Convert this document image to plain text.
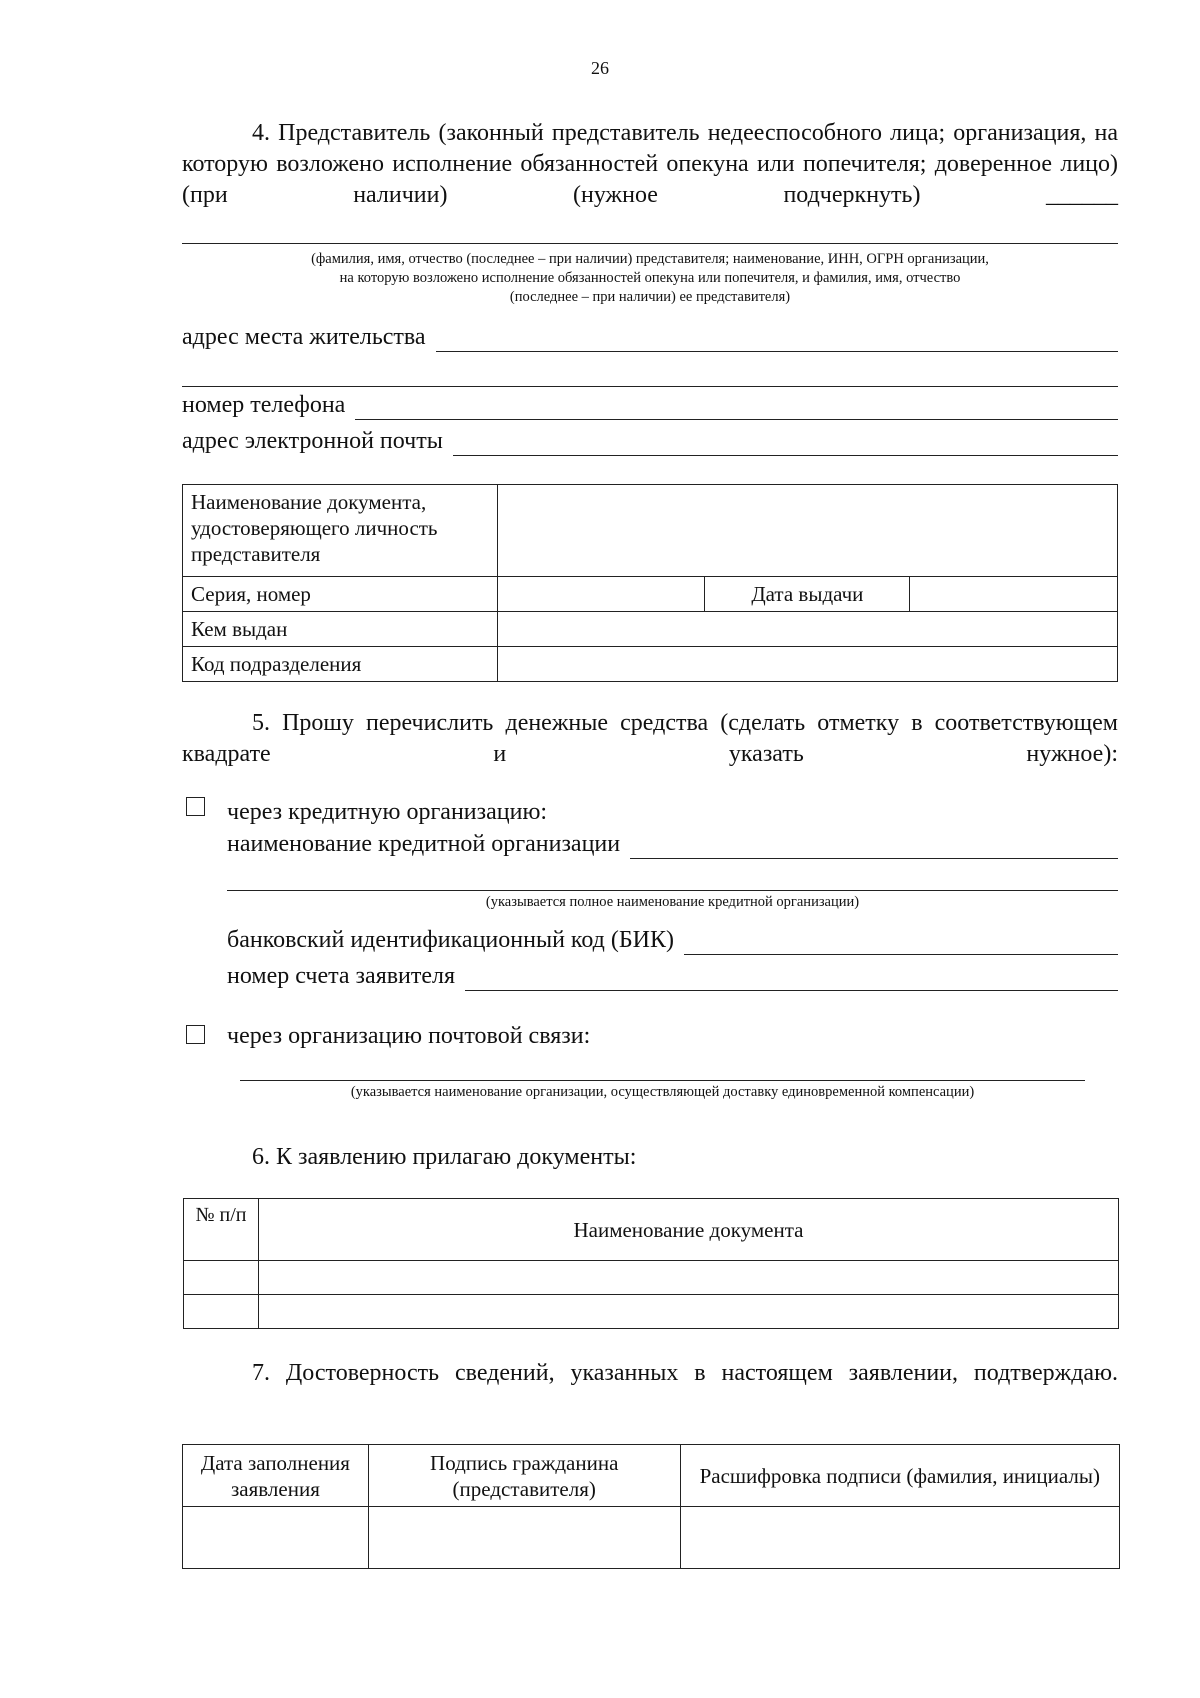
26
4. Представитель (законный представитель недееспособного лица; организация, на которую возложено исполнение обязанностей опекуна или попечителя; доверенное лицо) (при наличии) (нужное подчеркнуть) ______
(фамилия, имя, отчество (последнее – при наличии) представителя; наименование, ИНН, ОГРН организации,
на которую возложено исполнение обязанностей опекуна или попечителя, и фамилия, имя, отчество
(последнее – при наличии) ее представителя)
адрес места жительства
номер телефона
адрес электронной почты
Наименование документа, удостоверяющего личность представителя			
Серия, номер		Дата выдачи	
Кем выдан			
Код подразделения			
5. Прошу перечислить денежные средства (сделать отметку в соответствующем квадрате и указать нужное):
через кредитную организацию:
наименование кредитной организации
(указывается полное наименование кредитной организации)
банковский идентификационный код (БИК)
номер счета заявителя
через организацию почтовой связи:
(указывается наименование организации, осуществляющей доставку единовременной компенсации)
6. К заявлению прилагаю документы:
№ п/п	Наименование документа

7. Достоверность сведений, указанных в настоящем заявлении, подтверждаю.
Дата заполнения заявления	Подпись гражданина (представителя)	Расшифровка подписи (фамилия, инициалы)
